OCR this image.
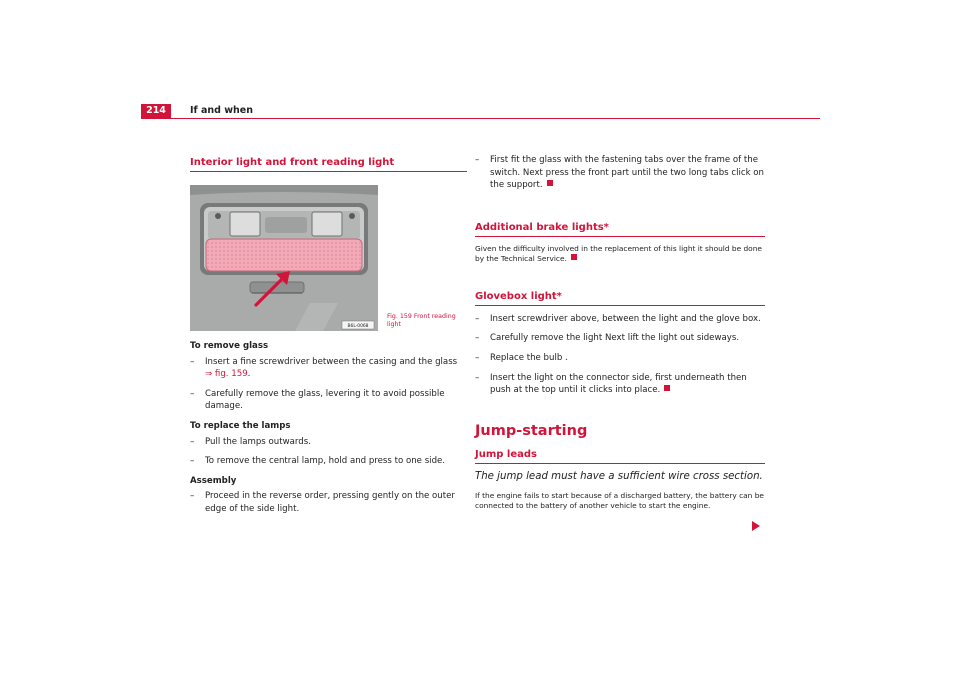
214	If and when
Interior light and front reading light
B6L-0068
Fig. 159 Front reading light
To remove glass
– Insert a fine screwdriver between the casing and the glass ⇒ fig. 159.
– Carefully remove the glass, levering it to avoid possible damage.
To replace the lamps
– Pull the lamps outwards.
– To remove the central lamp, hold and press to one side.
Assembly
– Proceed in the reverse order, pressing gently on the outer edge of the side light.
– First fit the glass with the fastening tabs over the frame of the switch. Next press the front part until the two long tabs click on the support.
Additional brake lights*

Given the difficulty involved in the replacement of this light it should be done by the Technical Service.

Glovebox light*
– Insert screwdriver above, between the light and the glove box.
– Carefully remove the light Next lift the light out sideways.
– Replace the bulb .
– Insert the light on the connector side, first underneath then push at the top until it clicks into place.
Jump-starting
Jump leads

The jump lead must have a sufficient wire cross section.

If the engine fails to start because of a discharged battery, the battery can be connected to the battery of another vehicle to start the engine.
